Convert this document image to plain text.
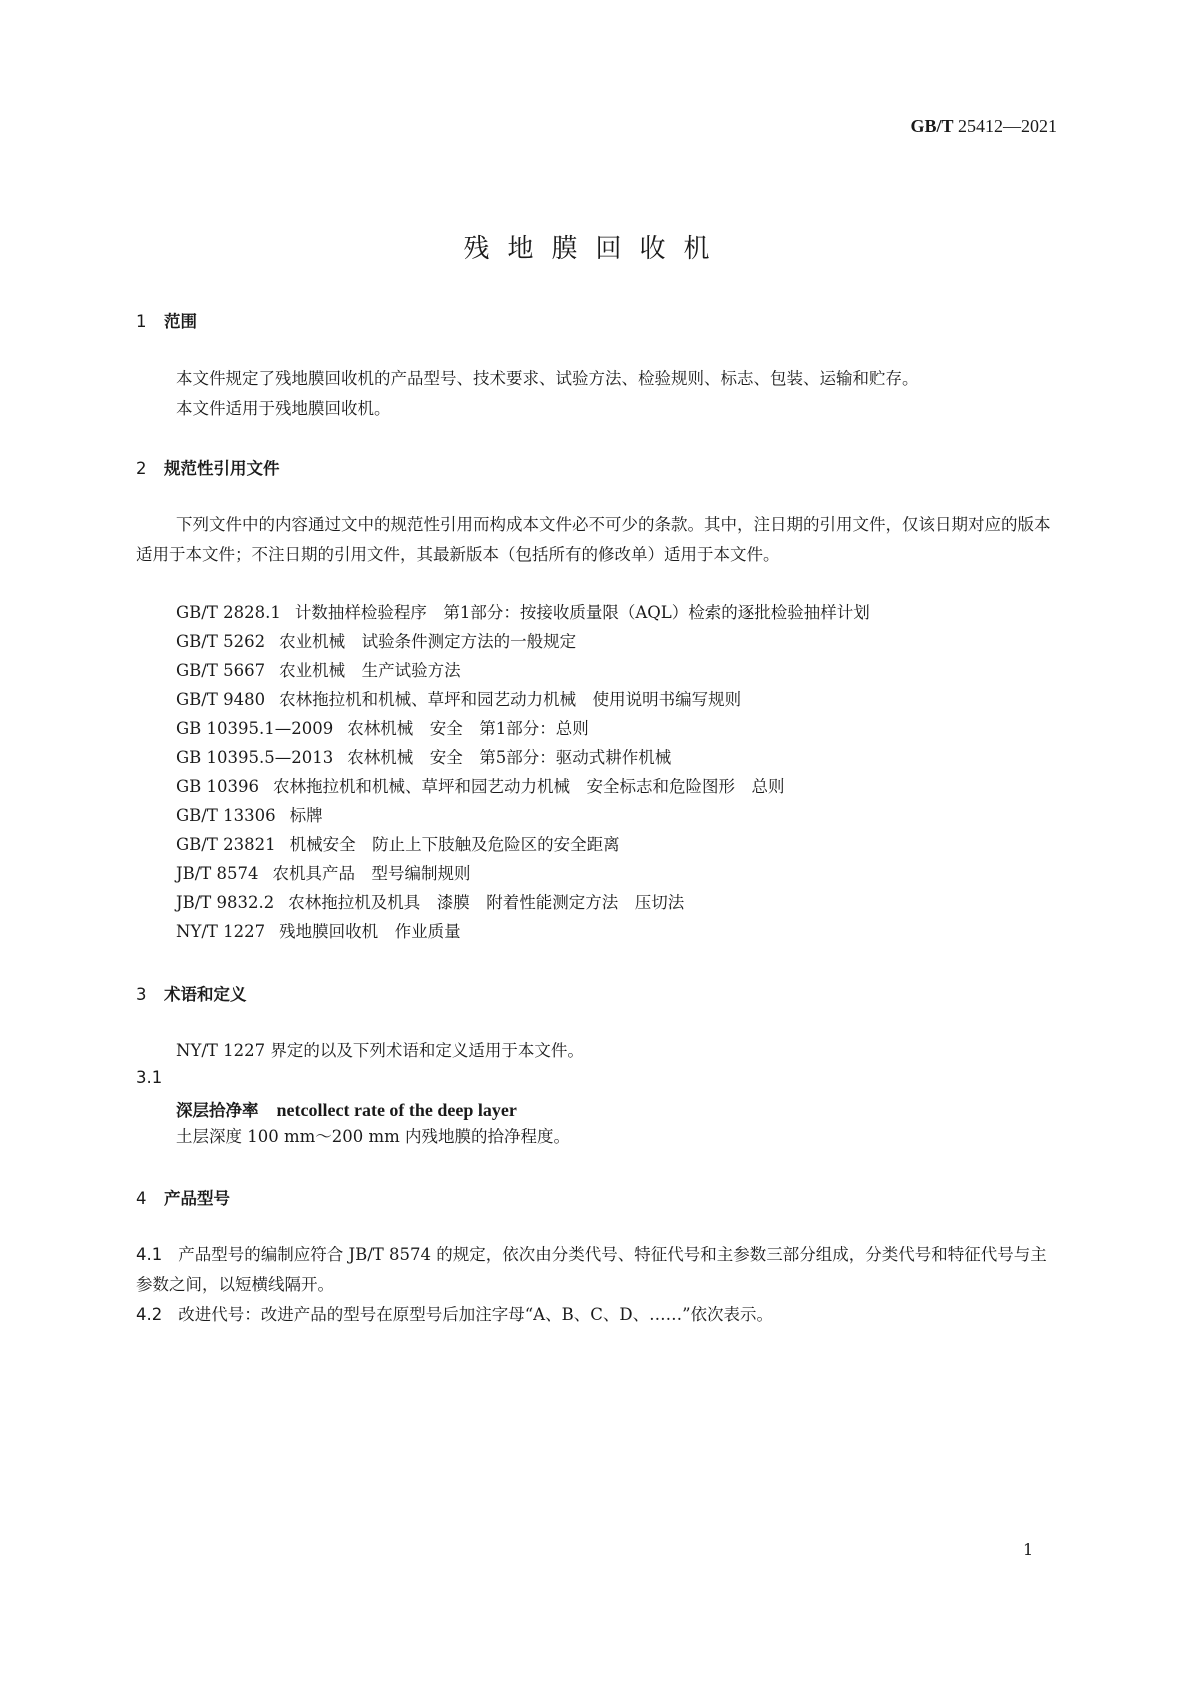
GB/T 25412—2021
残地膜回收机
1 范围
本文件规定了残地膜回收机的产品型号、技术要求、试验方法、检验规则、标志、包装、运输和贮存。
本文件适用于残地膜回收机。
2 规范性引用文件
下列文件中的内容通过文中的规范性引用而构成本文件必不可少的条款。其中，注日期的引用文件，仅该日期对应的版本适用于本文件；不注日期的引用文件，其最新版本（包括所有的修改单）适用于本文件。
GB/T 2828.1 计数抽样检验程序　第1部分：按接收质量限（AQL）检索的逐批检验抽样计划
GB/T 5262 农业机械　试验条件测定方法的一般规定
GB/T 5667 农业机械　生产试验方法
GB/T 9480 农林拖拉机和机械、草坪和园艺动力机械　使用说明书编写规则
GB 10395.1—2009 农林机械　安全　第1部分：总则
GB 10395.5—2013 农林机械　安全　第5部分：驱动式耕作机械
GB 10396 农林拖拉机和机械、草坪和园艺动力机械　安全标志和危险图形　总则
GB/T 13306 标牌
GB/T 23821 机械安全　防止上下肢触及危险区的安全距离
JB/T 8574 农机具产品　型号编制规则
JB/T 9832.2 农林拖拉机及机具　漆膜　附着性能测定方法　压切法
NY/T 1227 残地膜回收机　作业质量
3 术语和定义
NY/T 1227 界定的以及下列术语和定义适用于本文件。
3.1
深层拾净率 netcollect rate of the deep layer
土层深度 100 mm～200 mm 内残地膜的拾净程度。
4 产品型号
4.1 产品型号的编制应符合 JB/T 8574 的规定，依次由分类代号、特征代号和主参数三部分组成，分类代号和特征代号与主参数之间，以短横线隔开。
4.2 改进代号：改进产品的型号在原型号后加注字母“A、B、C、D、……”依次表示。
1
